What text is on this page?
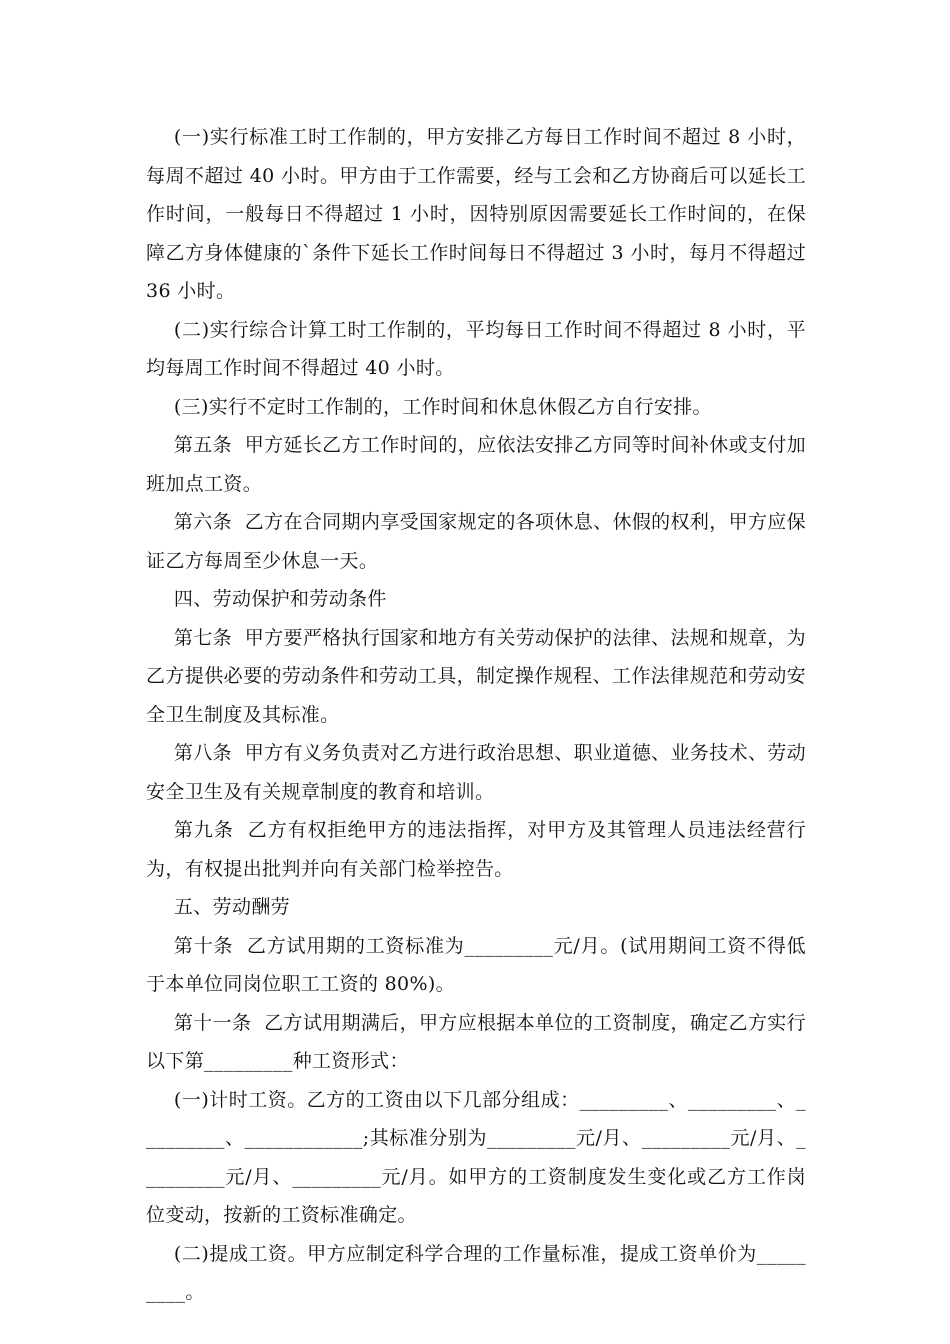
(一)实行标准工时工作制的，甲方安排乙方每日工作时间不超过 8 小时，每周不超过 40 小时。甲方由于工作需要，经与工会和乙方协商后可以延长工作时间，一般每日不得超过 1 小时，因特别原因需要延长工作时间的，在保障乙方身体健康的`条件下延长工作时间每日不得超过 3 小时，每月不得超过 36 小时。

(二)实行综合计算工时工作制的，平均每日工作时间不得超过 8 小时，平均每周工作时间不得超过 40 小时。

(三)实行不定时工作制的，工作时间和休息休假乙方自行安排。

第五条  甲方延长乙方工作时间的，应依法安排乙方同等时间补休或支付加班加点工资。

第六条  乙方在合同期内享受国家规定的各项休息、休假的权利，甲方应保证乙方每周至少休息一天。

四、劳动保护和劳动条件

第七条  甲方要严格执行国家和地方有关劳动保护的法律、法规和规章，为乙方提供必要的劳动条件和劳动工具，制定操作规程、工作法律规范和劳动安全卫生制度及其标准。

第八条  甲方有义务负责对乙方进行政治思想、职业道德、业务技术、劳动安全卫生及有关规章制度的教育和培训。

第九条  乙方有权拒绝甲方的违法指挥，对甲方及其管理人员违法经营行为，有权提出批判并向有关部门检举控告。

五、劳动酬劳

第十条  乙方试用期的工资标准为_________元/月。(试用期间工资不得低于本单位同岗位职工工资的 80%)。

第十一条  乙方试用期满后，甲方应根据本单位的工资制度，确定乙方实行以下第_________种工资形式：

(一)计时工资。乙方的工资由以下几部分组成：_________、_________、_________、____________;其标准分别为_________元/月、_________元/月、_________元/月、_________元/月。如甲方的工资制度发生变化或乙方工作岗位变动，按新的工资标准确定。

(二)提成工资。甲方应制定科学合理的工作量标准，提成工资单价为_________。
